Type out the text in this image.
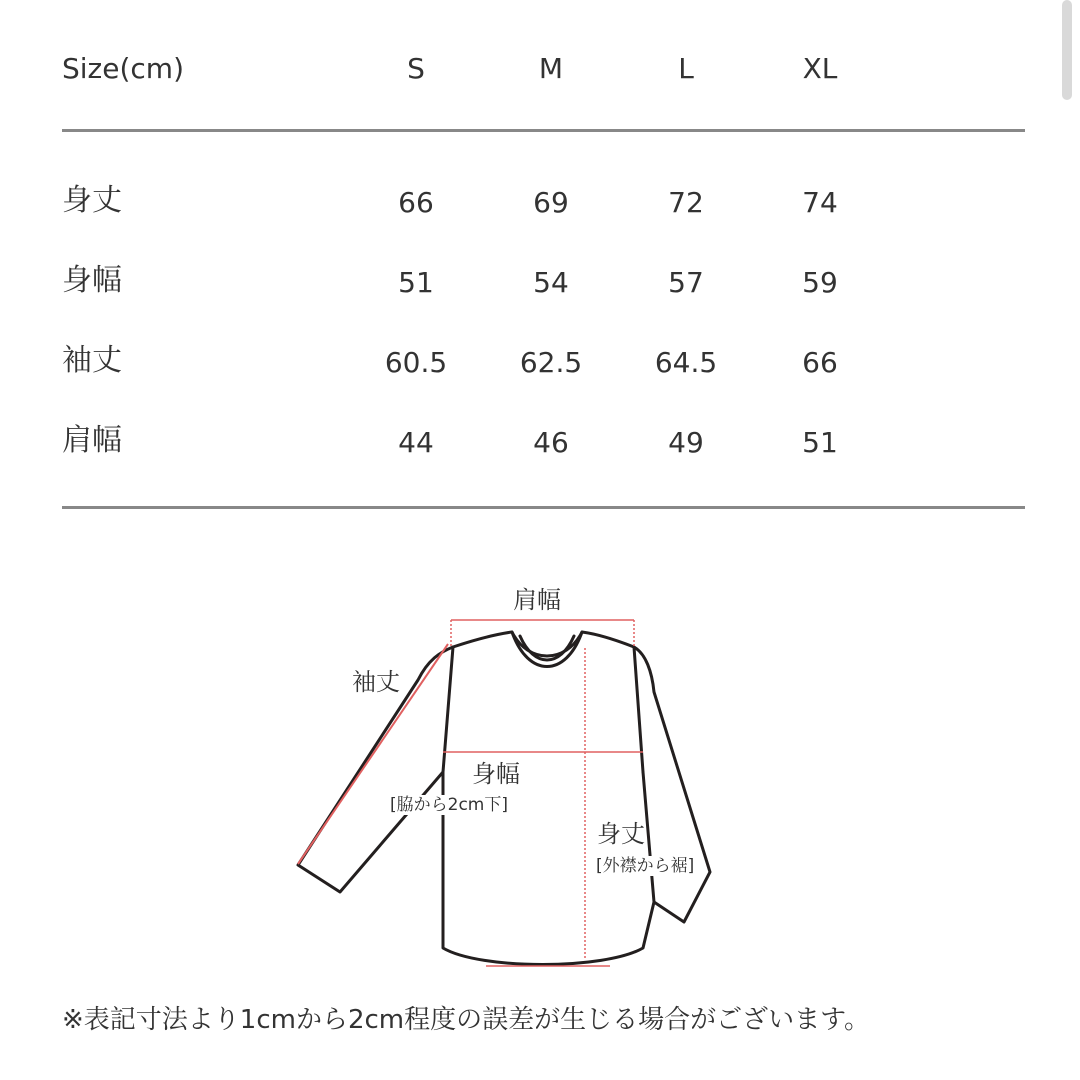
Size(cm)	S	M	L	XL
身丈	66	69	72	74
身幅	51	54	57	59
袖丈	60.5	62.5	64.5	66
肩幅	44	46	49	51
肩幅
袖丈
身幅
[脇から2cm下]
身丈
[外襟から裾]
※表記寸法より1cmから2cm程度の誤差が生じる場合がございます。
